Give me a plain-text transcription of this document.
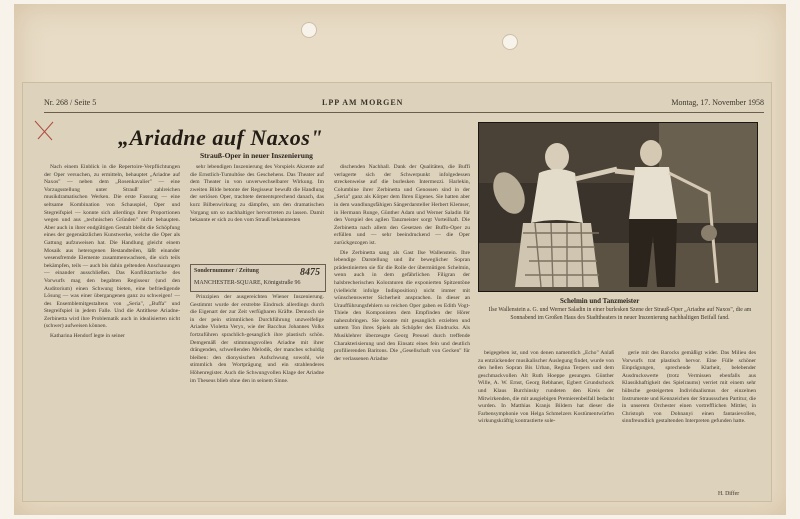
Nr. 268 / Seite 5	LPP AM MORGEN	Montag, 17. November 1958
„Ariadne auf Naxos"
Strauß-Oper in neuer Inszenierung

Nach einem Einblick in die Repertoire-Verpflichtungen der Oper versuchen, zu ermitteln, behauptet „Ariadne auf Naxos" — neben dem „Rosenkavalier" — eine Vorzugsstellung unter Strauß' zahlreichen musikdramatischen Werken. Die erste Fassung — eine seltsame Kombination von Schauspiel, Oper und Stegreifspiel — konnte sich allerdings ihrer Proportionen wegen und aus „technischen Gründen" nicht behaupten. Aber auch in ihrer endgültigen Gestalt bleibt die Schöpfung eines der gegensätzlichen Kunstwerke, welche die Oper als Gattung aufzuweisen hat. Die Handlung gleicht einem Mosaik aus heterogenen Bestandteilen, läßt einander wesensfremde Elemente zusammenwachsen, die sich teils bekämpfen, teils — auch bis dahin geltenden Anschauungen — einander ausschließen. Das Konfliktartische des Vorwurfs mag den begabten Regisseur (und den Auditorium) einen Schwung bieten, eine befriedigende Lösung — was einer übergangenen ganz zu schweigen! — des Ensemblemitgestaltens von „Seria", „Buffa" und Stegreifspiel in jedem Falle. Und die Antithese Ariadne-Zerbinetta wird ihre Problematik auch in idealisierten nicht (schwer) aufweisen können.

Katharina Hendorf legte in seiner

sehr lebendigen Inszenierung des Vorspiels Akzente auf die Ernstlich-Tumultöse des Geschehens. Das Theater auf dem Theater in von unverwechselbarer Wirkung. Im zweiten Bilde betonte der Regisseur bewußt die Handlung der seriösen Oper, trachtete dementsprechend danach, das kurz Bilbenwirkung zu dämpfen, um den dramatischen Vorgang um so nachhaltiger hervortreten zu lassen. Damit bekannte er sich zu den vom Strauß bekanntesten

Sondernummer / Zeitung	8475
MANCHESTER-SQUARE, Königstraße 96

Prinzipien der ausgereichten Wiener Inszenierung. Gestimmt wurde der erstrebte Eindruck allerdings durch die Eigenart der zur Zeit verfügbaren Kräfte. Dennoch sie in der pein stimmlichen Durchführung unzweifelige Ariadne Violetta Veryx, wie der Bacchus Johannes Volks fortzuführen sprachlich-gesanglich ihre plastisch schön. Demgemäß der stimmungsvollen Ariadne mit ihrer drängenden, schwellenden Melodik, der manches schuldig bleiben: den dionysischen Aufschwung sowohl, wie stimmlich den Wortprägung und ein strahlenderes Höhenregister. Auch die Schwungvollen Klage der Ariadne im Theseus blieb ohne den in seinem Sinne.

dischenden Nachhall. Dank der Qualitäten, die Buffi verlagerte sich der Schwerpunkt infolgedessen streckenweise auf die burlesken Intermezzi. Harlekin, Columbine ihrer Zerbinetta und Genossen sind in der „Seria" ganz als Körper dem Ihren Eigenes. Sie hatten aber in dem wandlungsfähigen Sängerdarsteller Herbert Klemser, in Hermann Runge, Günther Adam und Werner Saladin für den Vorspiel des agilen Tanzmeister sorgt Vorteilhaft. Die Zerbinetta nach allem den Gesetzen der Buffo-Oper zu erfüllen und — sehr beeindruckend — die Oper zurückgezogen ist.

Die Zerbinetta sang als Gast Ilse Wallenstein. Ihre lebendige Darstellung und ihr beweglicher Sopran prädestinierten sie für die Rolle der übermütigen Schelmin, wenn auch in dem gefährlichen Filigran der halsbrecherischen Koloraturen die exponierten Spitzentöne (vielleicht infolge Indisposition) nicht immer mit wünschenswerter Sicherheit ansprachen. In dieser an Uraufführungsfehlern so reichen Oper gaben es Edith Vogt-Thiele den Komponisten dem Empfinden der Hörer nahezubringen. Sie konnte mit gesanglich erzielten und sattem Ton ihres Spiels als Schöpfer des Eindrucks. Als Musiklehrer überzeugte Georg Preusel durch treffende Charakterisierung und den Einsatz eines fein und deutlich profilierenden Baritons. Die „Gesellschaft von Gecken" für der verlassenen Ariadne

Schelmin und Tanzmeister
Ilse Wallenstein a. G. und Werner Saladin in einer burlesken Szene der Strauß-Oper „Ariadne auf Naxos", die am Sonnabend im Großen Haus des Stadttheaters in neuer Inszenierung nachhaltigen Beifall fand.

beigegeben ist, und von denen namentlich „Echo" Anlaß zu entzückender musikalischer Auslegung findet, wurde von den hellen Sopran Bis Urban, Regina Terpers und dem geschmackvollen Alt Ruth Hoeppe gesungen. Günther Wille, A. W. Ernst, Georg Rebhaner, Egbert Grundschock und Klaus Burchinsky rundeten den Kreis der Mitwirkenden, die mit ausgiebigen Premierenbeifall bedacht wurden. In Matthias Kranjs Bildern hat dieser die Farbensymphonie von Helga Schmelzers Kostümentwürfen wirkungskräftig kontrastierte sole-

gerie mit des Barocks gemäßigt wider. Das Milieu des Vorwurfs trat plastisch hervor. Eine Fülle schöner Einprägungen, sprechende Klarheit, belebender Ausdruckswerte (trotz Vermissen ebenfalls aus Klassikhaftigkeit des Spielraums) verriet mit einem sehr hübsche gesteigerten Individualismus der einzelnen Instrumente und Kennzeichen der Straussschen Partitur, die in unserem Orchester einen vortrefflichen Mittler, in Christoph von Dohnanyi einen fantasievollen, sinnfreundlich gestaltenden Interpreten gefunden hatte.

H. Differ
